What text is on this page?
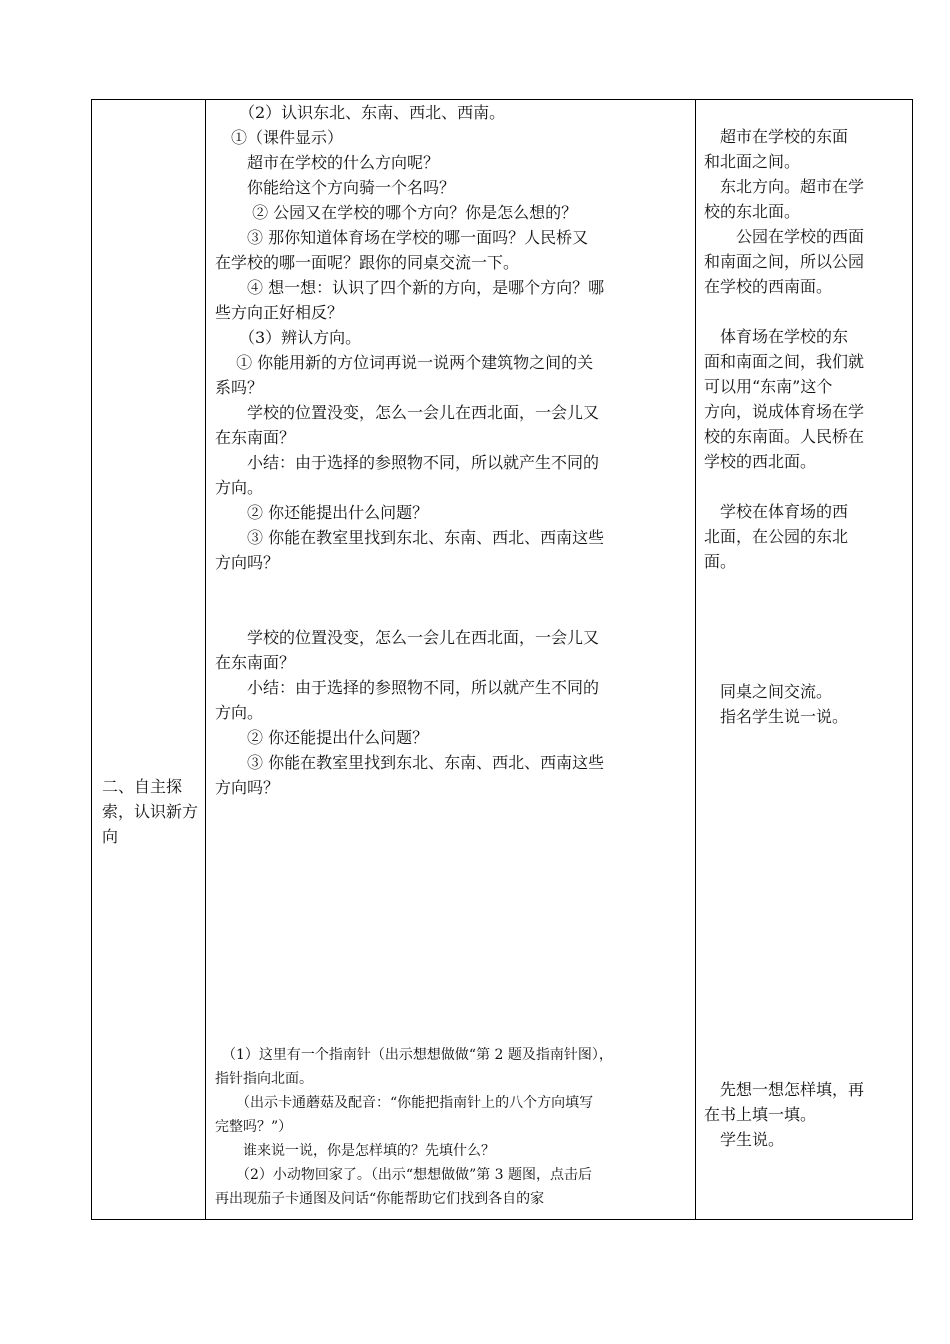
二、自主探索，认识新方向

　　（2）认识东北、东南、西北、西南。
　①（课件显示）
　　超市在学校的什么方向呢？
　　你能给这个方向骑一个名吗？
　　 ② 公园又在学校的哪个方向？你是怎么想的？
　　③ 那你知道体育场在学校的哪一面吗？人民桥又
在学校的哪一面呢？跟你的同桌交流一下。
　　④ 想一想：认识了四个新的方向，是哪个方向？哪
些方向正好相反？
　　（3）辨认方向。
　 ① 你能用新的方位词再说一说两个建筑物之间的关
系吗？
　　学校的位置没变，怎么一会儿在西北面，一会儿又
在东南面？
　　小结：由于选择的参照物不同，所以就产生不同的
方向。
　　② 你还能提出什么问题？
　　③ 你能在教室里找到东北、东南、西北、西南这些
方向吗？
　　学校的位置没变，怎么一会儿在西北面，一会儿又
在东南面？
　　小结：由于选择的参照物不同，所以就产生不同的
方向。
　　② 你还能提出什么问题？
　　③ 你能在教室里找到东北、东南、西北、西南这些
方向吗？
　（1）这里有一个指南针（出示想想做做“第 2 题及指南针图），
指针指向北面。
　　（出示卡通蘑菇及配音：“你能把指南针上的八个方向填写
完整吗？”）
　　谁来说一说，你是怎样填的？先填什么？
　　（2）小动物回家了。（出示“想想做做”第 3 题图，点击后
再出现茄子卡通图及问话“你能帮助它们找到各自的家

　超市在学校的东面
和北面之间。
　东北方向。超市在学
校的东北面。
　　公园在学校的西面
和南面之间，所以公园
在学校的西南面。
　体育场在学校的东
面和南面之间，我们就
可以用“东南”这个
方向，说成体育场在学
校的东南面。人民桥在
学校的西北面。
　学校在体育场的西
北面，在公园的东北
面。
　同桌之间交流。
　指名学生说一说。
　先想一想怎样填，再
在书上填一填。
　学生说。
